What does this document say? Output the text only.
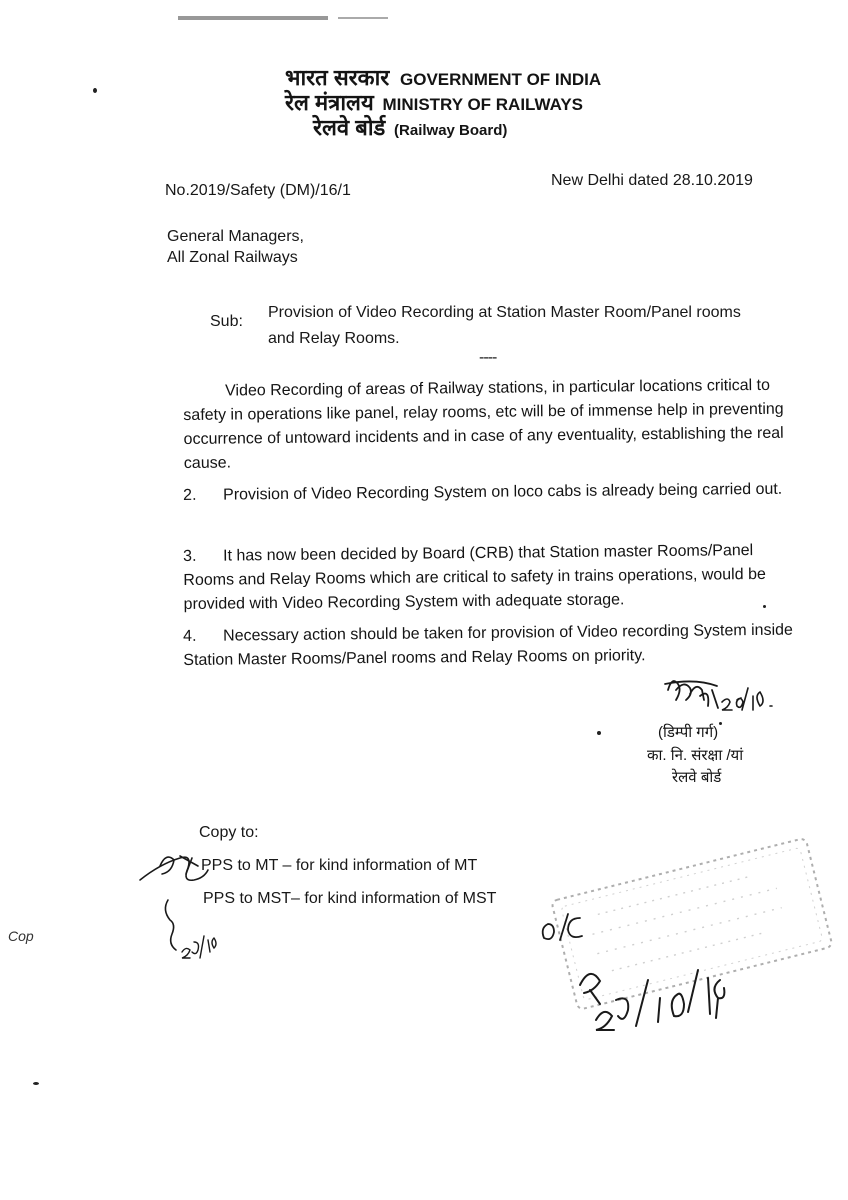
भारत सरकार GOVERNMENT OF INDIA
रेल मंत्रालय MINISTRY OF RAILWAYS
रेलवे बोर्ड (Railway Board)
No.2019/Safety (DM)/16/1
New Delhi dated 28.10.2019
General Managers,
All Zonal Railways
Sub:
Provision of Video Recording at Station Master Room/Panel rooms
and Relay Rooms.
----
Video Recording of areas of Railway stations, in particular locations critical to safety in operations like panel, relay rooms, etc will be of immense help in preventing occurrence of untoward incidents and in case of any eventuality, establishing the real cause.
2. Provision of Video Recording System on loco cabs is already being carried out.
3. It has now been decided by Board (CRB) that Station master Rooms/Panel Rooms and Relay Rooms which are critical to safety in trains operations, would be provided with Video Recording System with adequate storage.
4. Necessary action should be taken for provision of Video recording System inside Station Master Rooms/Panel rooms and Relay Rooms on priority.
(डिम्पी गर्ग)
का. नि. संरक्षा /यां
रेलवे बोर्ड
Copy to:
PPS to MT – for kind information of MT
PPS to MST– for kind information of MST
Cop
